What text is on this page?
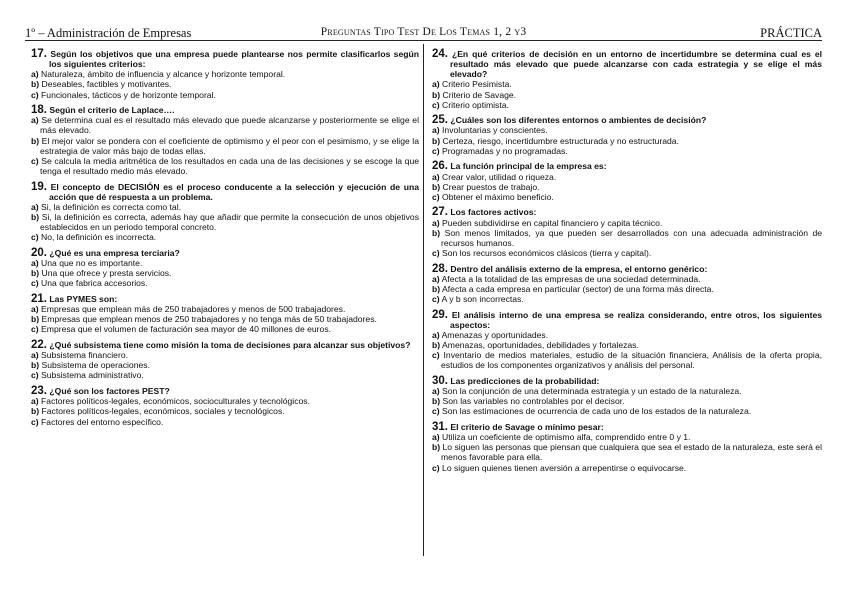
1º – Administración de Empresas	Preguntas Tipo Test De Los Temas 1, 2 y3	PRÁCTICA
17. Según los objetivos que una empresa puede plantearse nos permite clasificarlos según los siguientes criterios:
a) Naturaleza, ámbito de influencia y alcance y horizonte temporal.
b) Deseables, factibles y motivantes.
c) Funcionales, tácticos y de horizonte temporal.
18. Según el criterio de Laplace….
a) Se determina cual es el resultado más elevado que puede alcanzarse y posteriormente se elige el más elevado.
b) El mejor valor se pondera con el coeficiente de optimismo y el peor con el pesimismo, y se elige la estrategia de valor más bajo de todas ellas.
c) Se calcula la media aritmética de los resultados en cada una de las decisiones y se escoge la que tenga el resultado medio más elevado.
19. El concepto de DECISIÓN es el proceso conducente a la selección y ejecución de una acción que dé respuesta a un problema.
a) Si, la definición es correcta como tal.
b) Si, la definición es correcta, además hay que añadir que permite la consecución de unos objetivos establecidos en un periodo temporal concreto.
c) No, la definición es incorrecta.
20. ¿Qué es una empresa terciaria?
a) Una que no es importante.
b) Una que ofrece y presta servicios.
c) Una que fabrica accesorios.
21. Las PYMES son:
a) Empresas que emplean más de 250 trabajadores y menos de 500 trabajadores.
b) Empresas que emplean menos de 250 trabajadores y no tenga más de 50 trabajadores.
c) Empresa que el volumen de facturación sea mayor de 40 millones de euros.
22. ¿Qué subsistema tiene como misión la toma de decisiones para alcanzar sus objetivos?
a) Subsistema financiero.
b) Subsistema de operaciones.
c) Subsistema administrativo.
23. ¿Qué son los factores PEST?
a) Factores políticos-legales, económicos, socioculturales y tecnológicos.
b) Factores políticos-legales, económicos, sociales y tecnológicos.
c) Factores del entorno específico.
24. ¿En qué criterios de decisión en un entorno de incertidumbre se determina cual es el resultado más elevado que puede alcanzarse con cada estrategia y se elige el más elevado?
a) Criterio Pesimista.
b) Criterio de Savage.
c) Criterio optimista.
25. ¿Cuáles son los diferentes entornos o ambientes de decisión?
a) Involuntarias y conscientes.
b) Certeza, riesgo, incertidumbre estructurada y no estructurada.
c) Programadas y no programadas.
26. La función principal de la empresa es:
a) Crear valor, utilidad o riqueza.
b) Crear puestos de trabajo.
c) Obtener el máximo beneficio.
27. Los factores activos:
a) Pueden subdividirse en capital financiero y capita técnico.
b) Son menos limitados, ya que pueden ser desarrollados con una adecuada administración de recursos humanos.
c) Son los recursos económicos clásicos (tierra y capital).
28. Dentro del análisis externo de la empresa, el entorno genérico:
a) Afecta a la totalidad de las empresas de una sociedad determinada.
b) Afecta a cada empresa en particular (sector) de una forma más directa.
c) A y b son incorrectas.
29. El análisis interno de una empresa se realiza considerando, entre otros, los siguientes aspectos:
a) Amenazas y oportunidades.
b) Amenazas, oportunidades, debilidades y fortalezas.
c) Inventario de medios materiales, estudio de la situación financiera, Análisis de la oferta propia, estudios de los componentes organizativos y análisis del personal.
30. Las predicciones de la probabilidad:
a) Son la conjunción de una determinada estrategia y un estado de la naturaleza.
b) Son las variables no controlables por el decisor.
c) Son las estimaciones de ocurrencia de cada uno de los estados de la naturaleza.
31. El criterio de Savage o mínimo pesar:
a) Utiliza un coeficiente de optimismo alfa, comprendido entre 0 y 1.
b) Lo siguen las personas que piensan que cualquiera que sea el estado de la naturaleza, este será el menos favorable para ella.
c) Lo siguen quienes tienen aversión a arrepentirse o equivocarse.
